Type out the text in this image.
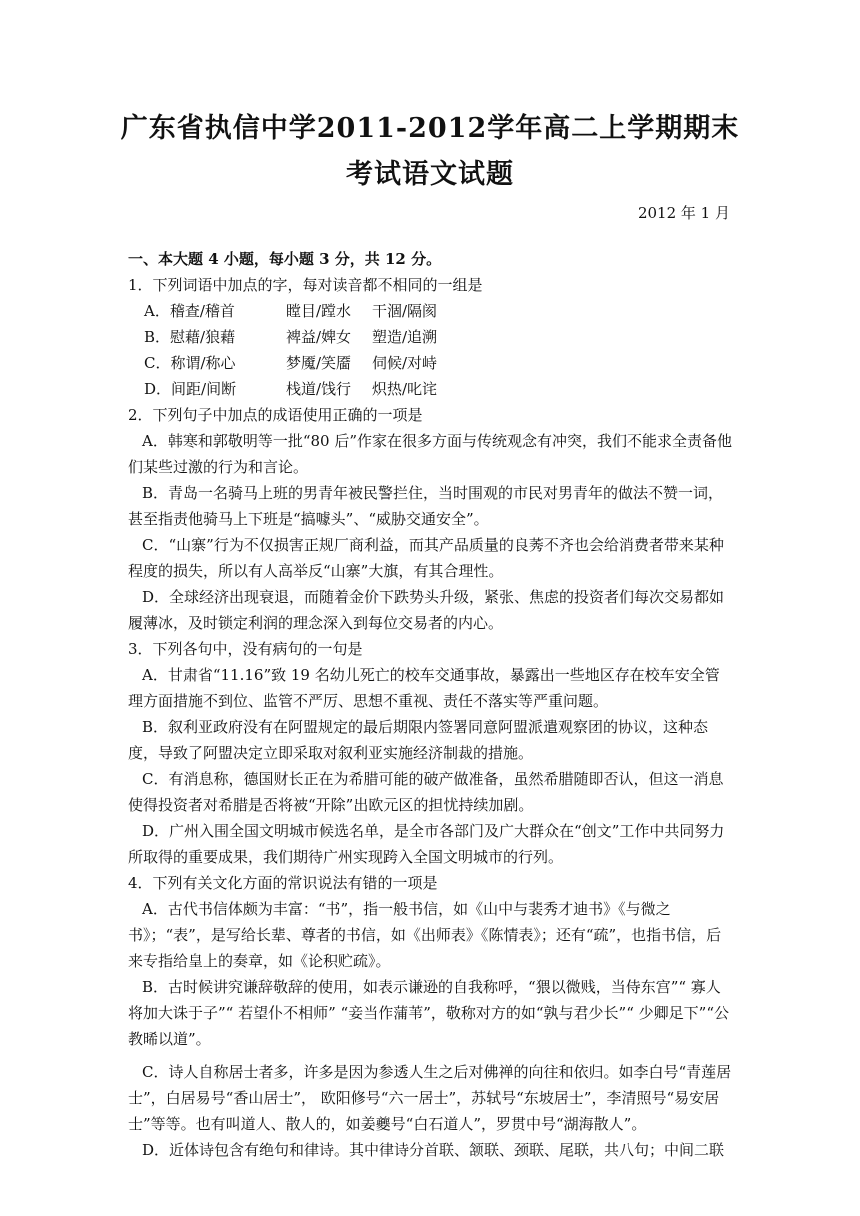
广东省执信中学2011-2012学年高二上学期期末考试语文试题
2012 年 1 月

一、本大题 4 小题，每小题 3 分，共 12 分。

1．下列词语中加点的字，每对读音都不相同的一组是

A．稽查/稽首	瞠目/蹚水 干涸/隔阂

B．慰藉/狼藉	裨益/婢女 塑造/追溯

C．称谓/称心	梦魇/笑靥 伺候/对峙

D．间距/间断	栈道/饯行 炽热/叱诧

2．下列句子中加点的成语使用正确的一项是

A．韩寒和郭敬明等一批“80 后”作家在很多方面与传统观念有冲突，我们不能求全责备他们某些过激的行为和言论。

B．青岛一名骑马上班的男青年被民警拦住，当时围观的市民对男青年的做法不赞一词，甚至指责他骑马上下班是“搞噱头”、“威胁交通安全”。

C．“山寨”行为不仅损害正规厂商利益，而其产品质量的良莠不齐也会给消费者带来某种程度的损失，所以有人高举反“山寨”大旗，有其合理性。

D．全球经济出现衰退，而随着金价下跌势头升级，紧张、焦虑的投资者们每次交易都如履薄冰，及时锁定利润的理念深入到每位交易者的内心。

3．下列各句中，没有病句的一句是

A．甘肃省“11.16”致 19 名幼儿死亡的校车交通事故，暴露出一些地区存在校车安全管理方面措施不到位、监管不严厉、思想不重视、责任不落实等严重问题。

B．叙利亚政府没有在阿盟规定的最后期限内签署同意阿盟派遣观察团的协议，这种态度，导致了阿盟决定立即采取对叙利亚实施经济制裁的措施。

C．有消息称，德国财长正在为希腊可能的破产做准备，虽然希腊随即否认，但这一消息使得投资者对希腊是否将被“开除”出欧元区的担忧持续加剧。

D．广州入围全国文明城市候选名单，是全市各部门及广大群众在“创文”工作中共同努力所取得的重要成果，我们期待广州实现跨入全国文明城市的行列。

4．下列有关文化方面的常识说法有错的一项是

A．古代书信体颇为丰富：“书”，指一般书信，如《山中与裴秀才迪书》《与微之书》；“表”，是写给长辈、尊者的书信，如《出师表》《陈情表》；还有“疏”，也指书信，后来专指给皇上的奏章，如《论积贮疏》。

B．古时候讲究谦辞敬辞的使用，如表示谦逊的自我称呼，“猥以微贱，当侍东宫”“ 寡人将加大诛于子”“ 若望仆不相师” “妾当作蒲苇”，敬称对方的如“孰与君少长”“ 少卿足下”“公教晞以道”。

C．诗人自称居士者多，许多是因为参透人生之后对佛禅的向往和依归。如李白号“青莲居士”，白居易号“香山居士”， 欧阳修号“六一居士”，苏轼号“东坡居士”，李清照号“易安居士”等等。也有叫道人、散人的，如姜夔号“白石道人”，罗贯中号“湖海散人”。

D．近体诗包含有绝句和律诗。其中律诗分首联、颔联、颈联、尾联，共八句；中间二联
